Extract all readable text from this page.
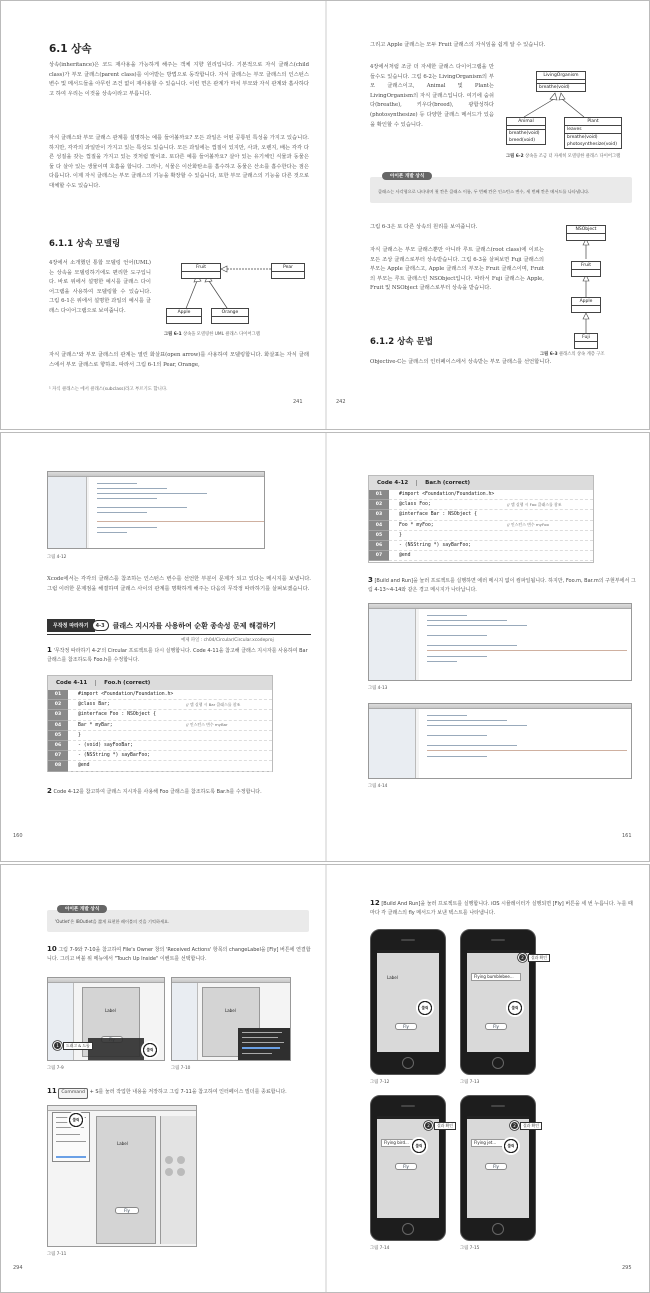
6.1 상속
상속(inheritance)은 코드 재사용을 가능하게 해주는 객체 지향 원리입니다. 기본적으로 자식 클래스(child class)가 부모 클래스(parent class)를 이어받는 방법으로 동작합니다. 자식 클래스는 부모 클래스의 인스턴스 변수 및 메서드들을 아무런 조건 없이 재사용할 수 있습니다. 이런 면은 관계가 마치 부모와 자식 관계와 흡사하다고 하여 우리는 이것을 상속이라고 부릅니다.
자식 클래스와 부모 클래스 관계를 설명하는 예를 들어볼까요? 모든 과일은 어떤 공통된 특성을 가지고 있습니다. 하지만, 각각의 과일만이 가지고 있는 특성도 있습니다. 모든 과일에는 껍질이 있지만, 사과, 오렌지, 배는 각각 다른 성질을 갖는 껍질을 가지고 있는 것처럼 말이죠. 또다른 예를 들어볼까요? 살아 있는 유기체인 식물과 동물은 둘 다 살아 있는 생물이며 호흡을 합니다. 그러나, 식물은 이산화탄소를 흡수하고 동물은 산소를 흡수한다는 점은 다릅니다. 이제 자식 클래스는 부모 클래스의 기능을 확장할 수 있습니다, 또한 부모 클래스의 기능을 다른 것으로 대체할 수도 있습니다.
6.1.1 상속 모델링
4장에서 소개했던 통합 모델링 언어(UML)는 상속을 모델링하기에도 편리한 도구입니다. 바로 위에서 설명한 예시를 클래스 다이어그램을 사용하여 모델링할 수 있습니다. 그림 6-1은 위에서 설명한 과일의 예시를 클래스 다이어그램으로 보여줍니다.
Fruit	Pear
Apple	Orange
그림 6-1 상속을 모델링한 UML 클래스 다이어그램
자식 클래스¹와 부모 클래스의 관계는 열린 화살표(open arrow)를 사용하여 모델링합니다. 화살표는 자식 클래스에서 부모 클래스로 향하죠. 따라서 그림 6-1의 Pear, Orange,
¹ 자식 클래스는 에서 클래스(subclass)라고 부르기도 합니다.
241
그리고 Apple 클래스는 모두 Fruit 클래스의 자식임을 쉽게 알 수 있습니다.
4장에서처럼 조금 더 자세한 클래스 다이어그램을 만들수도 있습니다. 그림 6-2는 LivingOrganism의 부모 클래스이고, Animal 및 Plant는 LivingOrganism의 자식 클래스입니다. 여기에 숨쉬다(breathe), 키우다(breed), 광합성하다(photosynthesize) 등 다양한 클래스 메서드가 있음을 확인할 수 있습니다.
LivingOrganism
breathe(void)
Animal
breathe(void)
breed(void)
Plant
leaves
breathe(void)
photosynthesize(void)
그림 6-2 상속을 조금 더 자세히 모델링한 클래스 다이어그램
아이폰 개발 상식
클래스는 사각형으로 나타내며 첫 칸은 클래스 이름, 두 번째 칸은 인스턴스 변수, 세 번째 칸은 메서드를 나타냅니다.
그림 6-3은 또 다른 상속의 원리를 보여줍니다.
자식 클래스는 부모 클래스뿐만 아니라 루트 클래스(root class)에 이르는 모든 조상 클래스로부터 상속받습니다. 그림 6-3을 살펴보면 Fuji 클래스의 부모는 Apple 클래스고, Apple 클래스의 부모는 Fruit 클래스이며, Fruit의 부모는 루트 클래스인 NSObject입니다. 따라서 Fuji 클래스는 Apple, Fruit 및 NSObject 클래스로부터 상속을 받습니다.
NSObject
Fruit
Apple
Fuji
그림 6-3 클래스의 상속 계층 구조
6.1.2 상속 문법
Objective-C는 클래스의 인터페이스에서 상속받는 부모 클래스를 선언합니다.
242
그림 4-12
Xcode에서는 각각의 클래스를 참조하는 인스턴스 변수를 선언한 부분이 문제가 되고 있다는 메시지를 보냅니다. 그럼 이러한 문제점을 해결하며 클래스 사이의 관계를 명확하게 해주는 다음의 무작정 따라하기를 살펴보겠습니다.
무작정 따라하기	4-3	클래스 지시자를 사용하여 순환 종속성 문제 해결하기
예제 파일 : ch04/Circular/Circular.xcodeproj
1 '무작정 따라하기 4-2'의 Circular 프로젝트를 다시 실행합니다. Code 4-11을 참고해 클래스 지시자를 사용하여 Bar 클래스를 참조하도록 Foo.h를 수정합니다.
Code 4-11	Foo.h (correct)
01	#import <Foundation/Foundation.h>
02	@class Bar;	// 앱 실행 시 Bar 클래스를 참조
03	@interface Foo : NSObject {
04	Bar * myBar;	// 인스턴스 변수 myBar
05	}
06	- (void) sayFooBar;
07	- (NSString *) sayBarFoo;
08	@end
2 Code 4-12를 참고하여 클래스 지시자를 사용해 Foo 클래스를 참조하도록 Bar.h를 수정합니다.
160
Code 4-12	Bar.h (correct)
01	#import <Foundation/Foundation.h>
02	@class Foo;	// 앱 실행 시 Foo 클래스를 참조
03	@interface Bar : NSObject {
04	Foo * myFoo;	// 인스턴스 변수 myFoo
05	}
06	- (NSString *) sayBarFoo;
07	@end
3 [Build and Run]을 눌러 프로젝트를 실행하면 에러 메시지 없이 컴파일됩니다. 하지만, Foo.m, Bar.m의 구현부에서 그림 4-13~4-14와 같은 경고 메시지가 나타납니다.
그림 4-13
그림 4-14
161
아이폰 개발 상식
'Outlet'은 IBOutlet을 짧게 표현한 레이블의 것을 기억하세요.
10 그림 7-9와 7-10을 참고하여 File's Owner 창의 'Received Actions' 항목의 changeLabel을 [Fly] 버튼에 연결합니다. 그리고 버블 위 메뉴에서 "Touch Up Inside" 이벤트를 선택합니다.
Label
1	드래그 & 드롭
클릭
그림 7-9
Label
그림 7-10
11 Command + S를 눌러 작업한 내용을 저장하고 그림 7-11을 참고하여 인터페이스 빌더를 종료합니다.
Label
Fly
클릭
그림 7-11
294
12 [Build And Run]을 눌러 프로젝트를 실행합니다. iOS 시뮬레이터가 실행되면 [Fly] 버튼을 세 번 누릅니다. 누를 때마다 각 클래스의 fly 메서드가 보낸 텍스트를 나타냅니다.
Label
Fly
클릭
그림 7-12
Flying bumblebee...
Fly
2	결과 확인
클릭
그림 7-13
Flying bird...
Fly
2	결과 확인
클릭
그림 7-14
Flying jet...
Fly
2	결과 확인
클릭
그림 7-15
295
